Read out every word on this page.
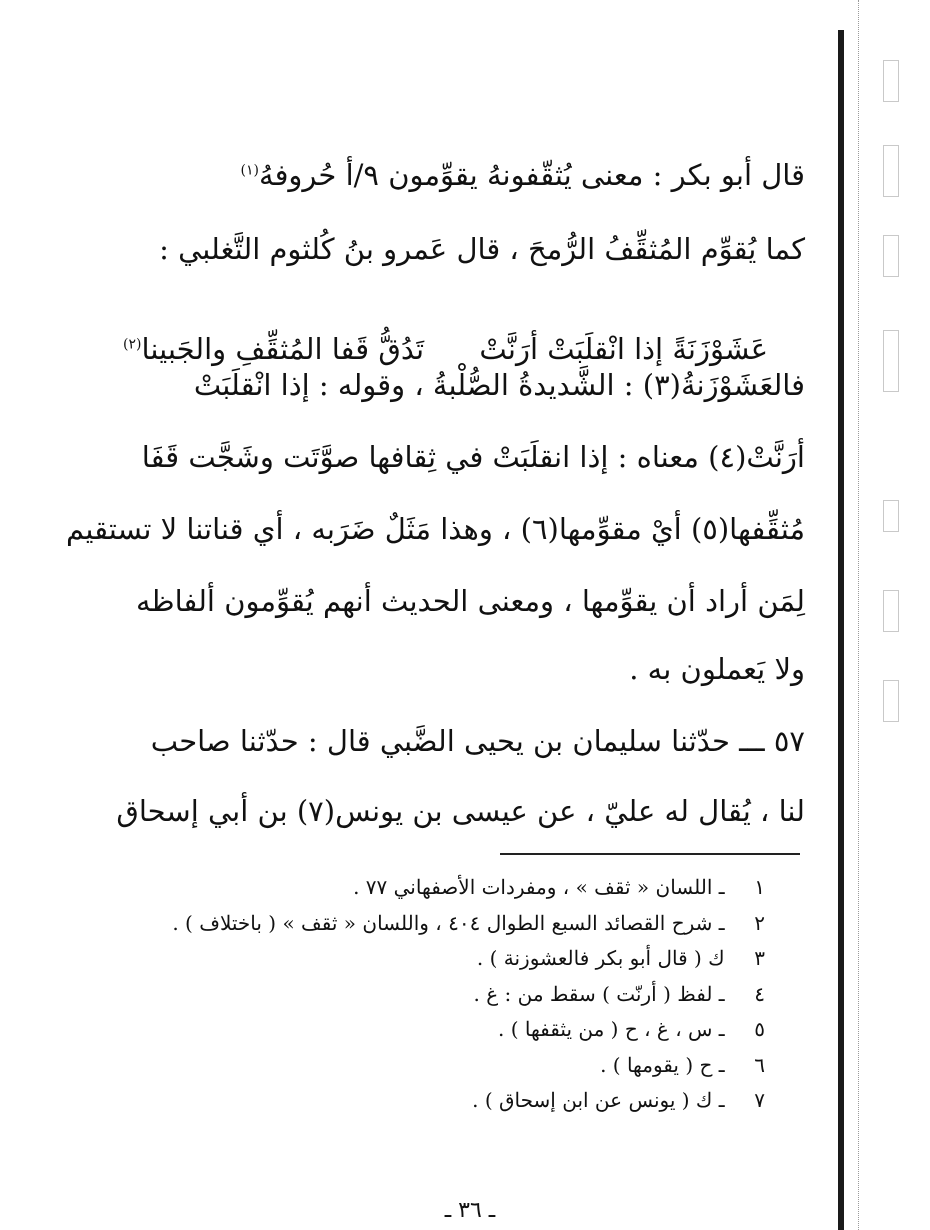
قال أبو بكر : معنى يُثقّفونهُ يقوِّمون ٩/أ حُروفهُ$^{(١)}$
كما يُقوِّم المُثقِّفُ الرُّمحَ ، قال عَمرو بنُ كُلثوم التَّغلبي :

عَشَوْزَنَةً إذا انْقلَبَتْ أرَنَّتْ      تَدُقُّ قَفا المُثقِّفِ والجَبينا$^{(٢)}$

فالعَشَوْزَنةُ(٣) : الشَّديدةُ الصُّلْبةُ ، وقوله : إذا انْقلَبَتْ
أرَنَّتْ(٤) معناه : إذا انقلَبَتْ في ثِقافها صوَّتَت وشَجَّت قَفَا
مُثقِّفها(٥) أيْ مقوِّمها(٦) ، وهذا مَثَلٌ ضَرَبه ، أي قناتنا لا تستقيم
لِمَن أراد أن يقوِّمها ، ومعنى الحديث أنهم يُقوِّمون ألفاظه
ولا يَعملون به .
٥٧ ـــ حدّثنا سليمان بن يحيى الضَّبي قال : حدّثنا صاحب
لنا ، يُقال له عليّ ، عن عيسى بن يونس(٧) بن أبي إسحاق
١ ـ اللسان « ثقف » ، ومفردات الأصفهاني ٧٧ .
٢ ـ شرح القصائد السبع الطوال ٤٠٤ ، واللسان « ثقف » ( باختلاف ) .
٣ ك ( قال أبو بكر فالعشوزنة ) .
٤ ـ لفظ ( أرنّت ) سقط من : غ .
٥ ـ س ، غ ، ح ( من يثقفها ) .
٦ ـ ح ( يقومها ) .
٧ ـ ك ( يونس عن ابن إسحاق ) .
ـ ٣٦ ـ
